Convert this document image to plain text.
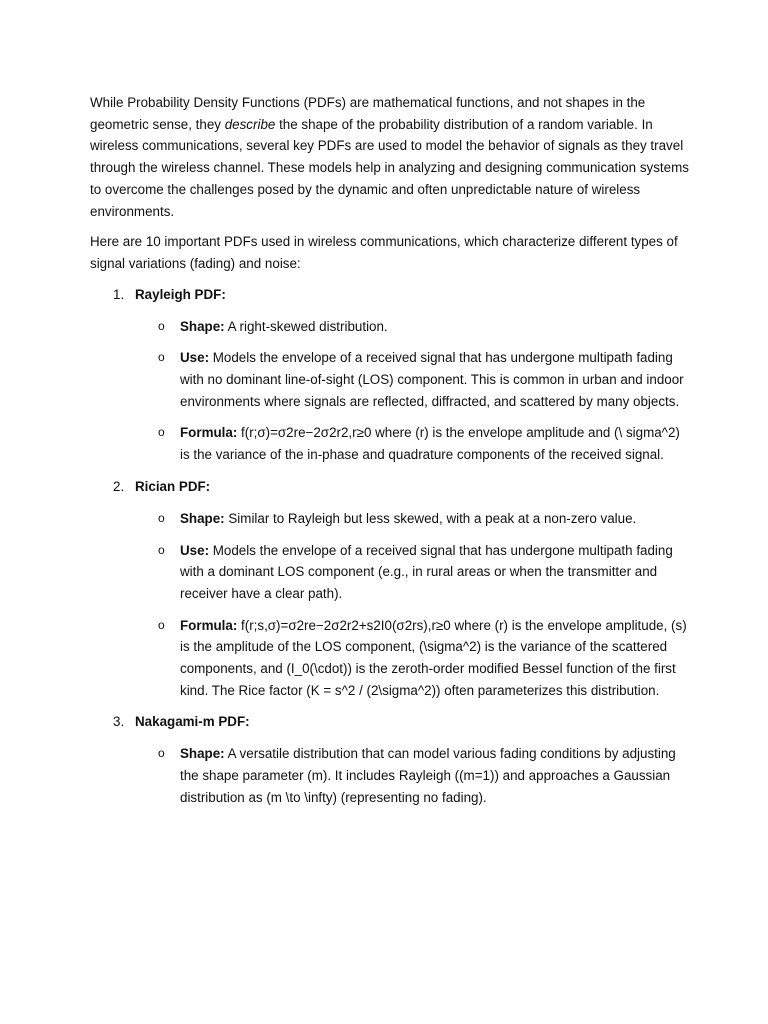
While Probability Density Functions (PDFs) are mathematical functions, and not shapes in the geometric sense, they describe the shape of the probability distribution of a random variable. In wireless communications, several key PDFs are used to model the behavior of signals as they travel through the wireless channel. These models help in analyzing and designing communication systems to overcome the challenges posed by the dynamic and often unpredictable nature of wireless environments.

Here are 10 important PDFs used in wireless communications, which characterize different types of signal variations (fading) and noise:

1. Rayleigh PDF:
o Shape: A right-skewed distribution.
o Use: Models the envelope of a received signal that has undergone multipath fading with no dominant line-of-sight (LOS) component. This is common in urban and indoor environments where signals are reflected, diffracted, and scattered by many objects.
o Formula: f(r;σ)=σ2re−2σ2r2,r≥0 where (r) is the envelope amplitude and (\ sigma^2) is the variance of the in-phase and quadrature components of the received signal.
2. Rician PDF:
o Shape: Similar to Rayleigh but less skewed, with a peak at a non-zero value.
o Use: Models the envelope of a received signal that has undergone multipath fading with a dominant LOS component (e.g., in rural areas or when the transmitter and receiver have a clear path).
o Formula: f(r;s,σ)=σ2re−2σ2r2+s2I0(σ2rs),r≥0 where (r) is the envelope amplitude, (s) is the amplitude of the LOS component, (\sigma^2) is the variance of the scattered components, and (I_0(\cdot)) is the zeroth-order modified Bessel function of the first kind. The Rice factor (K = s^2 / (2\sigma^2)) often parameterizes this distribution.
3. Nakagami-m PDF:
o Shape: A versatile distribution that can model various fading conditions by adjusting the shape parameter (m). It includes Rayleigh ((m=1)) and approaches a Gaussian distribution as (m \to \infty) (representing no fading).
